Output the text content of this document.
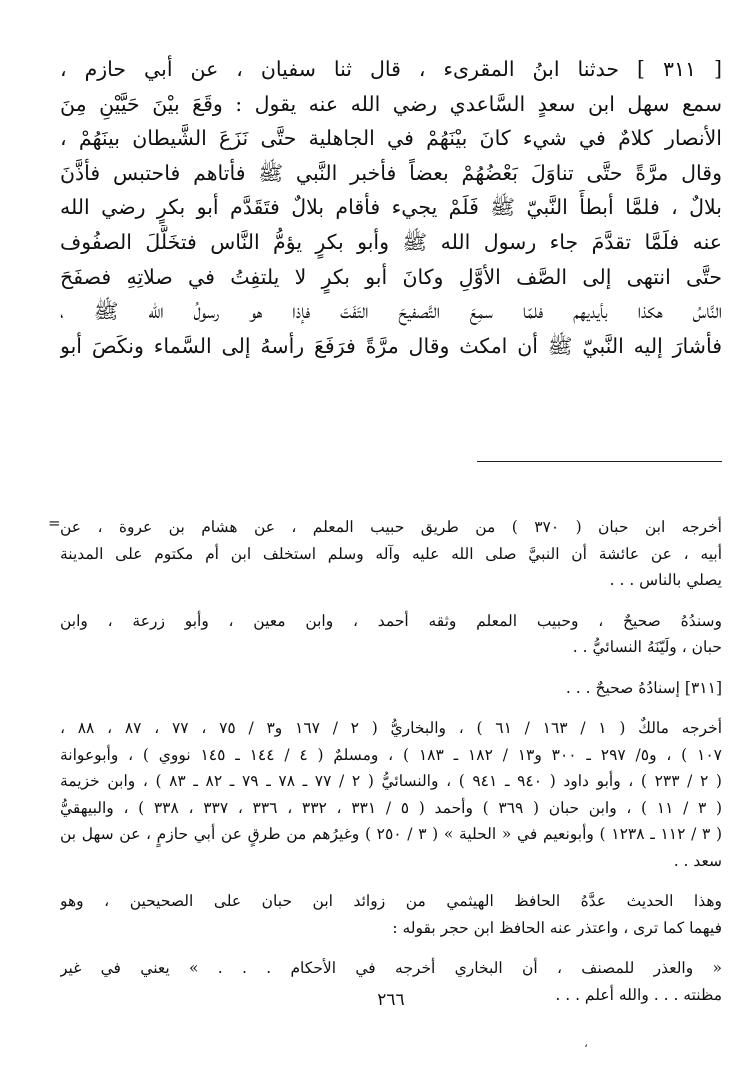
[ ٣١١ ] حدثنا ابنُ المقرىء ، قال ثنا سفيان ، عن أبي حازم ،
سمع سهل ابن سعدٍ السَّاعدي رضي الله عنه يقول : وقَعَ بيْنَ حَيَّيْنِ مِنَ
الأنصار كلامٌ في شيء كانَ بيْنَهُمْ في الجاهلية حتَّى نَزَعَ الشَّيطان بينَهُمْ ،
وقال مرَّةً حتَّى تناوَلَ بَعْضُهُمْ بعضاً فأخبر النَّبي ﷺ فأتاهم فاحتبس فأذَّنَ
بلالٌ ، فلمَّا أبطأَ النَّبيّ ﷺ فَلَمْ يجيء فأقام بلالٌ فتَقَدَّم أبو بكرٍ رضي الله
عنه فلَمَّا تقدَّمَ جاء رسول الله ﷺ وأبو بكرٍ يؤمُّ النَّاس فتخَلَّلَ الصفُوف
حتَّى انتهى إلى الصَّف الأوَّلِ وكانَ أبو بكرٍ لا يلتفِتُ في صلاتِهِ فصفَحَ
النَّاسُ هكذا بأيديهم فلمّا سمِعَ التَّصفيحَ التَفَتَ فإذا هو رسولُ الله ﷺ ،
فأشارَ إليه النَّبيّ ﷺ أن امكث وقال مرَّةً فرَفَعَ رأسهُ إلى السَّماء ونكَصَ أبو

= أخرجه ابن حبان ( ٣٧٠ ) من طريق حبيب المعلم ، عن هشام بن عروة ، عن
أبيه ، عن عائشة أن النبيَّ صلى الله عليه وآله وسلم استخلف ابن أم مكتوم على المدينة
يصلي بالناس . . .
وسندُهُ صحيحٌ ، وحبيب المعلم وثقه أحمد ، وابن معين ، وأبو زرعة ، وابن
حبان ، ولَيّنَهُ النسائيُّ . .
[٣١١] إسنادُهُ صحيحٌ . . .
أخرجه مالكٌ ( ١ / ١٦٣ / ٦١ ) ، والبخاريُّ ( ٢ / ١٦٧ و٣ / ٧٥ ، ٧٧ ، ٨٧ ، ٨٨ ،
١٠٧ ) ، و٥/ ٢٩٧ ـ ٣٠٠ و١٣ / ١٨٢ ـ ١٨٣ ) ، ومسلمٌ ( ٤ / ١٤٤ ـ ١٤٥ نووي ) ، وأبوعوانة
( ٢ / ٢٣٣ ) ، وأبو داود ( ٩٤٠ ـ ٩٤١ ) ، والنسائيُّ ( ٢ / ٧٧ ـ ٧٨ ـ ٧٩ ـ ٨٢ ـ ٨٣ ) ، وابن خزيمة
( ٣ / ١١ ) ، وابن حبان ( ٣٦٩ ) وأحمد ( ٥ / ٣٣١ ، ٣٣٢ ، ٣٣٦ ، ٣٣٧ ، ٣٣٨ ) ، والبيهقيُّ
( ٣ / ١١٢ ـ ١٢٣٨ ) وأبونعيم في « الحلية » ( ٣ / ٢٥٠ ) وغيرُهم من طرقٍ عن أبي حازمٍ ، عن سهل بن
سعد . .
وهذا الحديث عدَّهُ الحافظ الهيثمي من زوائد ابن حبان على الصحيحين ، وهو
فيهما كما ترى ، واعتذر عنه الحافظ ابن حجر بقوله :
« والعذر للمصنف ، أن البخاري أخرجه في الأحكام . . . » يعني في غير
مظنته . . . والله أعلم . . .
٢٦٦
،
